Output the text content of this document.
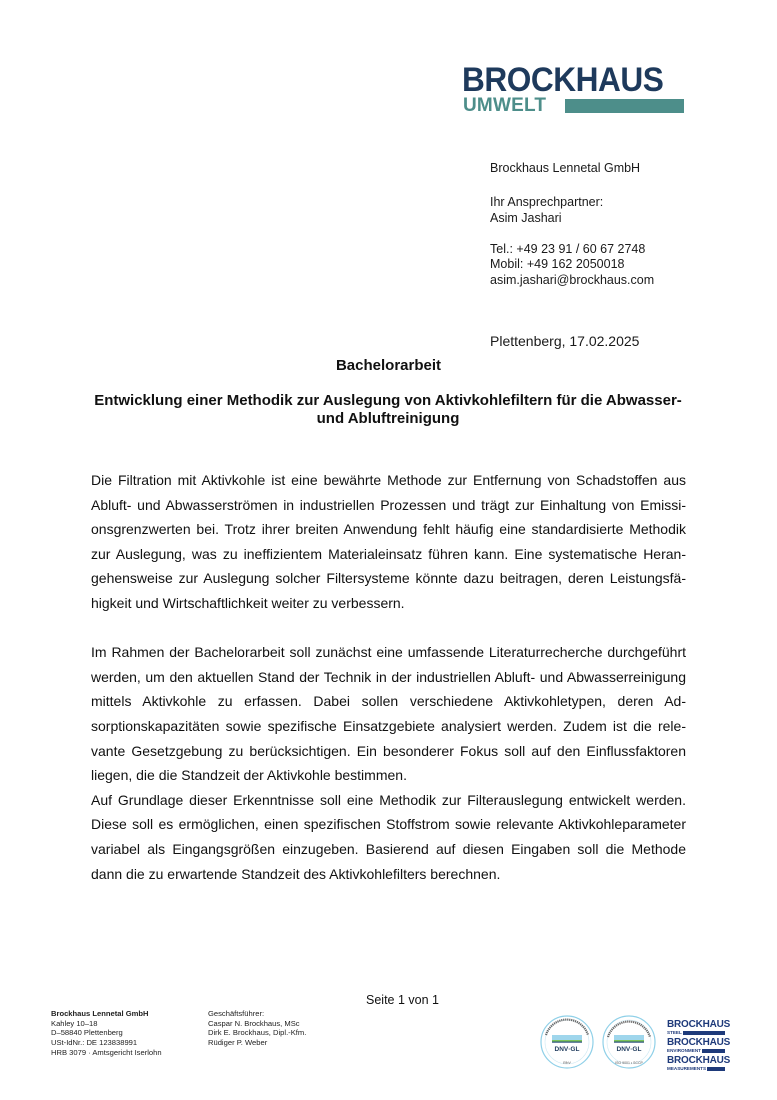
BROCKHAUS
UMWELT
Brockhaus Lennetal GmbH
Ihr Ansprechpartner:
Asim Jashari
Tel.: +49 23 91 / 60 67 2748
Mobil: +49 162 2050018
asim.jashari@brockhaus.com
Plettenberg, 17.02.2025
Bachelorarbeit
Entwicklung einer Methodik zur Auslegung von Aktivkohlefiltern für die Abwasser- und Abluftreinigung

Die Filtration mit Aktivkohle ist eine bewährte Methode zur Entfernung von Schadstoffen aus Abluft- und Abwasserströmen in industriellen Prozessen und trägt zur Einhaltung von Emissionsgrenzwerten bei. Trotz ihrer breiten Anwendung fehlt häufig eine standardisierte Methodik zur Auslegung, was zu ineffizientem Materialeinsatz führen kann. Eine systematische Herangehensweise zur Auslegung solcher Filtersysteme könnte dazu beitragen, deren Leistungsfähigkeit und Wirtschaftlichkeit weiter zu verbessern.

Im Rahmen der Bachelorarbeit soll zunächst eine umfassende Literaturrecherche durchgeführt werden, um den aktuellen Stand der Technik in der industriellen Abluft- und Abwasserreinigung mittels Aktivkohle zu erfassen. Dabei sollen verschiedene Aktivkohletypen, deren Adsorptionskapazitäten sowie spezifische Einsatzgebiete analysiert werden. Zudem ist die relevante Gesetzgebung zu berücksichtigen. Ein besonderer Fokus soll auf den Einflussfaktoren liegen, die die Standzeit der Aktivkohle bestimmen.

Auf Grundlage dieser Erkenntnisse soll eine Methodik zur Filterauslegung entwickelt werden. Diese soll es ermöglichen, einen spezifischen Stoffstrom sowie relevante Aktivkohleparameter variabel als Eingangsgrößen einzugeben. Basierend auf diesen Eingaben soll die Methode dann die zu erwartende Standzeit des Aktivkohlefilters berechnen.

Seite 1 von 1
Brockhaus Lennetal GmbH
Kahley 10–18
D–58840 Plettenberg
USt-IdNr.: DE 123838991
HRB 3079 · Amtsgericht Iserlohn
Geschäftsführer:
Caspar N. Brockhaus, MSc
Dirk E. Brockhaus, Dipl.-Kfm.
Rüdiger P. Weber
DNV·GL
EfbV
DNV·GL
ISO 9001 • SCCP
BROCKHAUS
STEEL
BROCKHAUS
ENVIRONMENT
BROCKHAUS
MEASUREMENTS
